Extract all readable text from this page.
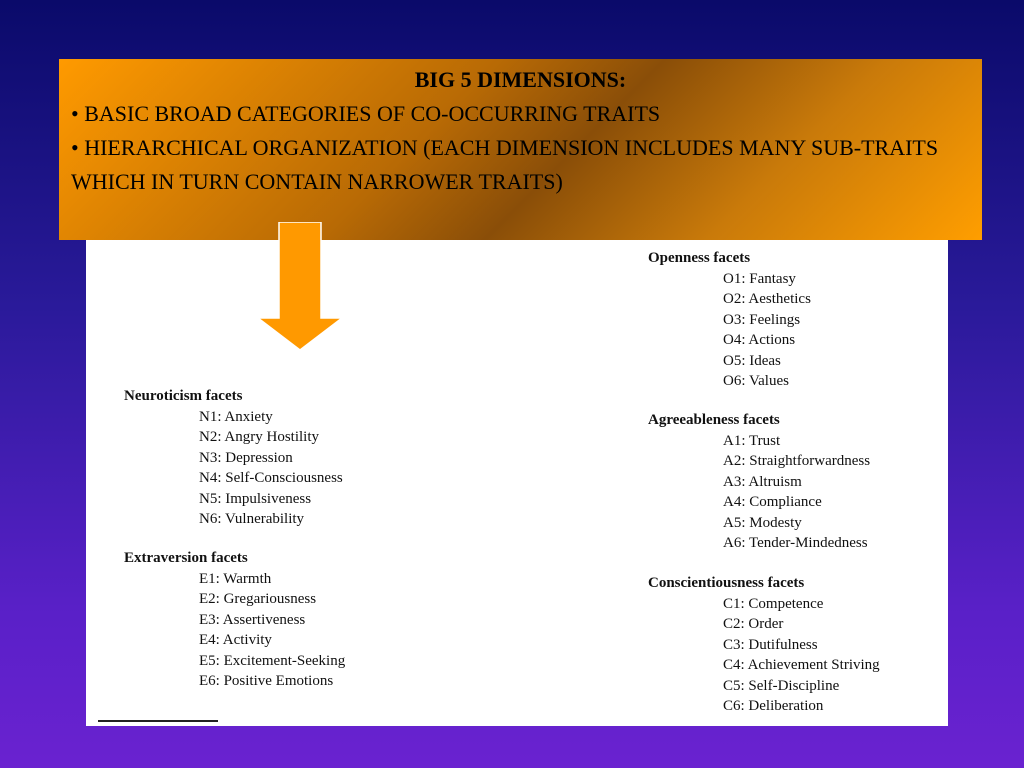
BIG 5 DIMENSIONS:
• BASIC BROAD CATEGORIES OF CO-OCCURRING TRAITS
• HIERARCHICAL ORGANIZATION (EACH DIMENSION INCLUDES MANY SUB-TRAITS WHICH IN TURN CONTAIN NARROWER TRAITS)
Neuroticism facets
N1: Anxiety
N2: Angry Hostility
N3: Depression
N4: Self-Consciousness
N5: Impulsiveness
N6: Vulnerability
Extraversion facets
E1: Warmth
E2: Gregariousness
E3: Assertiveness
E4: Activity
E5: Excitement-Seeking
E6: Positive Emotions
Openness facets
O1: Fantasy
O2: Aesthetics
O3: Feelings
O4: Actions
O5: Ideas
O6: Values
Agreeableness facets
A1: Trust
A2: Straightforwardness
A3: Altruism
A4: Compliance
A5: Modesty
A6: Tender-Mindedness
Conscientiousness facets
C1: Competence
C2: Order
C3: Dutifulness
C4: Achievement Striving
C5: Self-Discipline
C6: Deliberation
